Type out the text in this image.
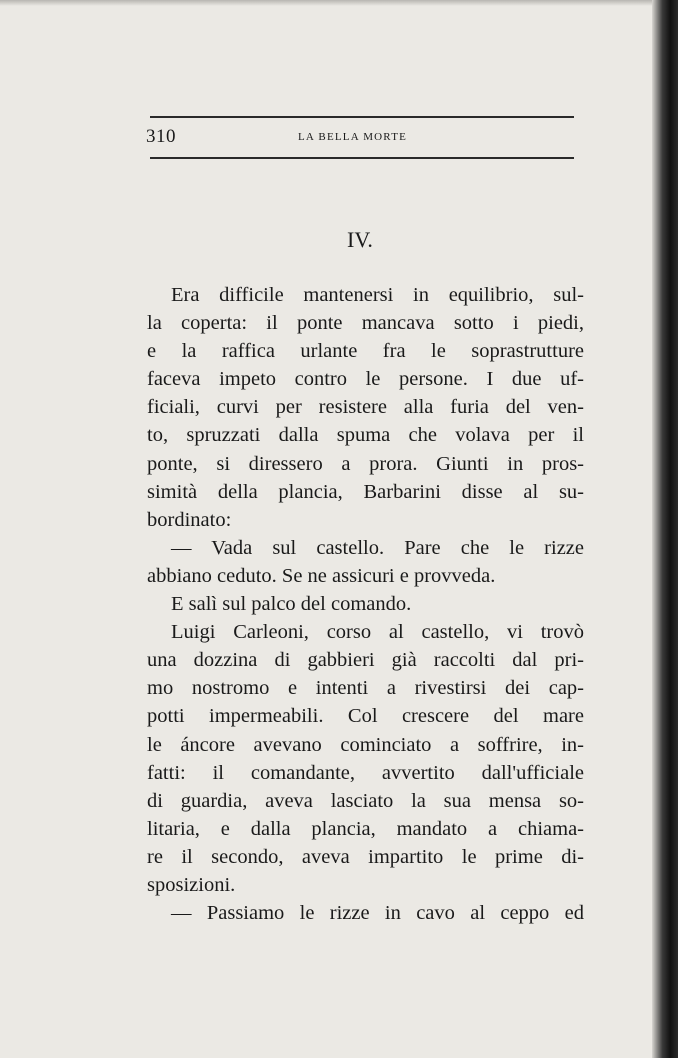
310	LA BELLA MORTE
IV.
Era difficile mantenersi in equilibrio, sul-
la coperta: il ponte mancava sotto i piedi,
e la raffica urlante fra le soprastrutture
faceva impeto contro le persone. I due uf-
ficiali, curvi per resistere alla furia del ven-
to, spruzzati dalla spuma che volava per il
ponte, si diressero a prora. Giunti in pros-
simità della plancia, Barbarini disse al su-
bordinato:
— Vada sul castello. Pare che le rizze
abbiano ceduto. Se ne assicuri e provveda.
E salì sul palco del comando.
Luigi Carleoni, corso al castello, vi trovò
una dozzina di gabbieri già raccolti dal pri-
mo nostromo e intenti a rivestirsi dei cap-
potti impermeabili. Col crescere del mare
le áncore avevano cominciato a soffrire, in-
fatti: il comandante, avvertito dall'ufficiale
di guardia, aveva lasciato la sua mensa so-
litaria, e dalla plancia, mandato a chiama-
re il secondo, aveva impartito le prime di-
sposizioni.
— Passiamo le rizze in cavo al ceppo ed
